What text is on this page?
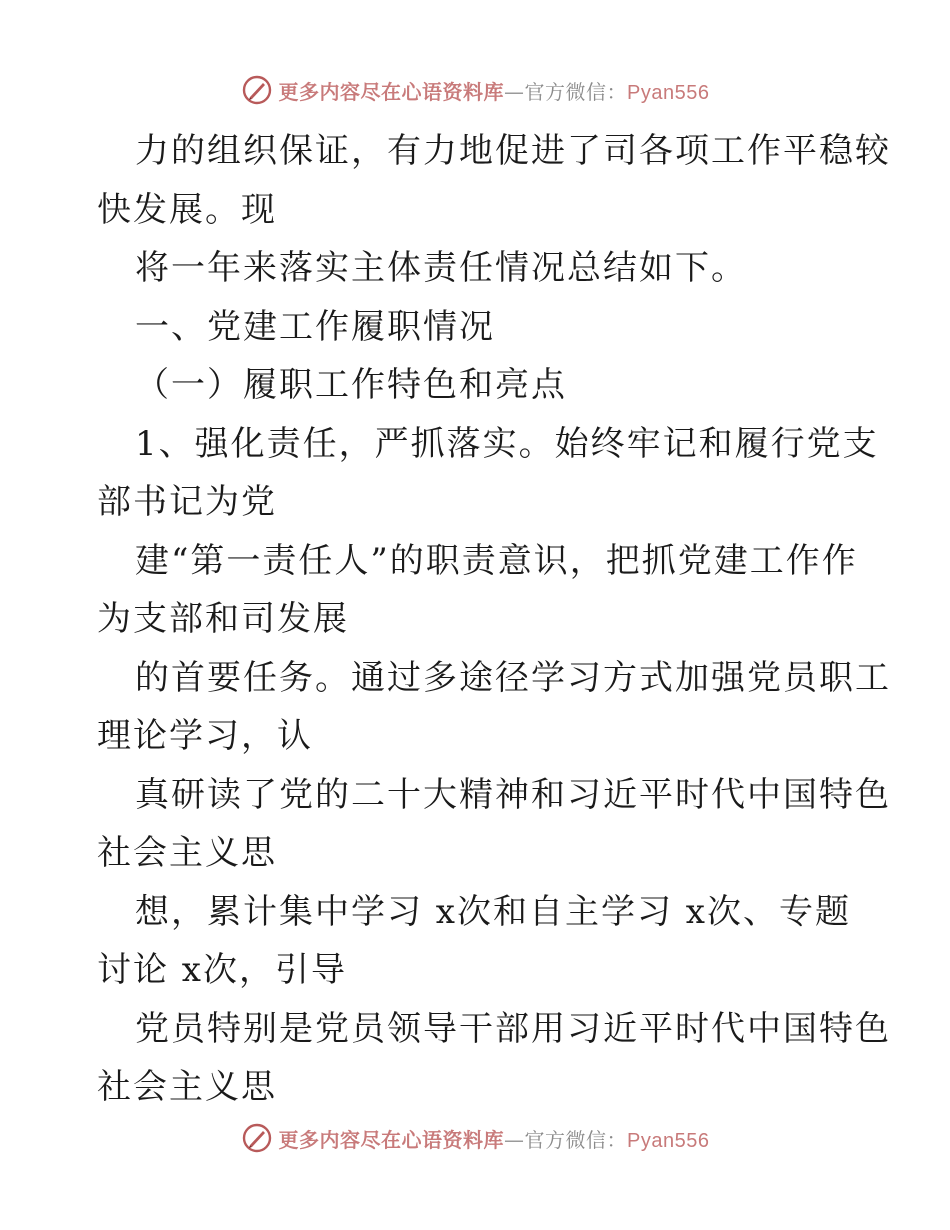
更多内容尽在心语资料库—官方微信：Pyan556
力的组织保证，有力地促进了司各项工作平稳较
快发展。现
将一年来落实主体责任情况总结如下。
一、党建工作履职情况
（一）履职工作特色和亮点
1、强化责任，严抓落实。始终牢记和履行党支
部书记为党
建“第一责任人”的职责意识，把抓党建工作作
为支部和司发展
的首要任务。通过多途径学习方式加强党员职工
理论学习，认
真研读了党的二十大精神和习近平时代中国特色
社会主义思
想，累计集中学习 x次和自主学习 x次、专题
讨论 x次，引导
党员特别是党员领导干部用习近平时代中国特色
社会主义思
更多内容尽在心语资料库—官方微信：Pyan556
